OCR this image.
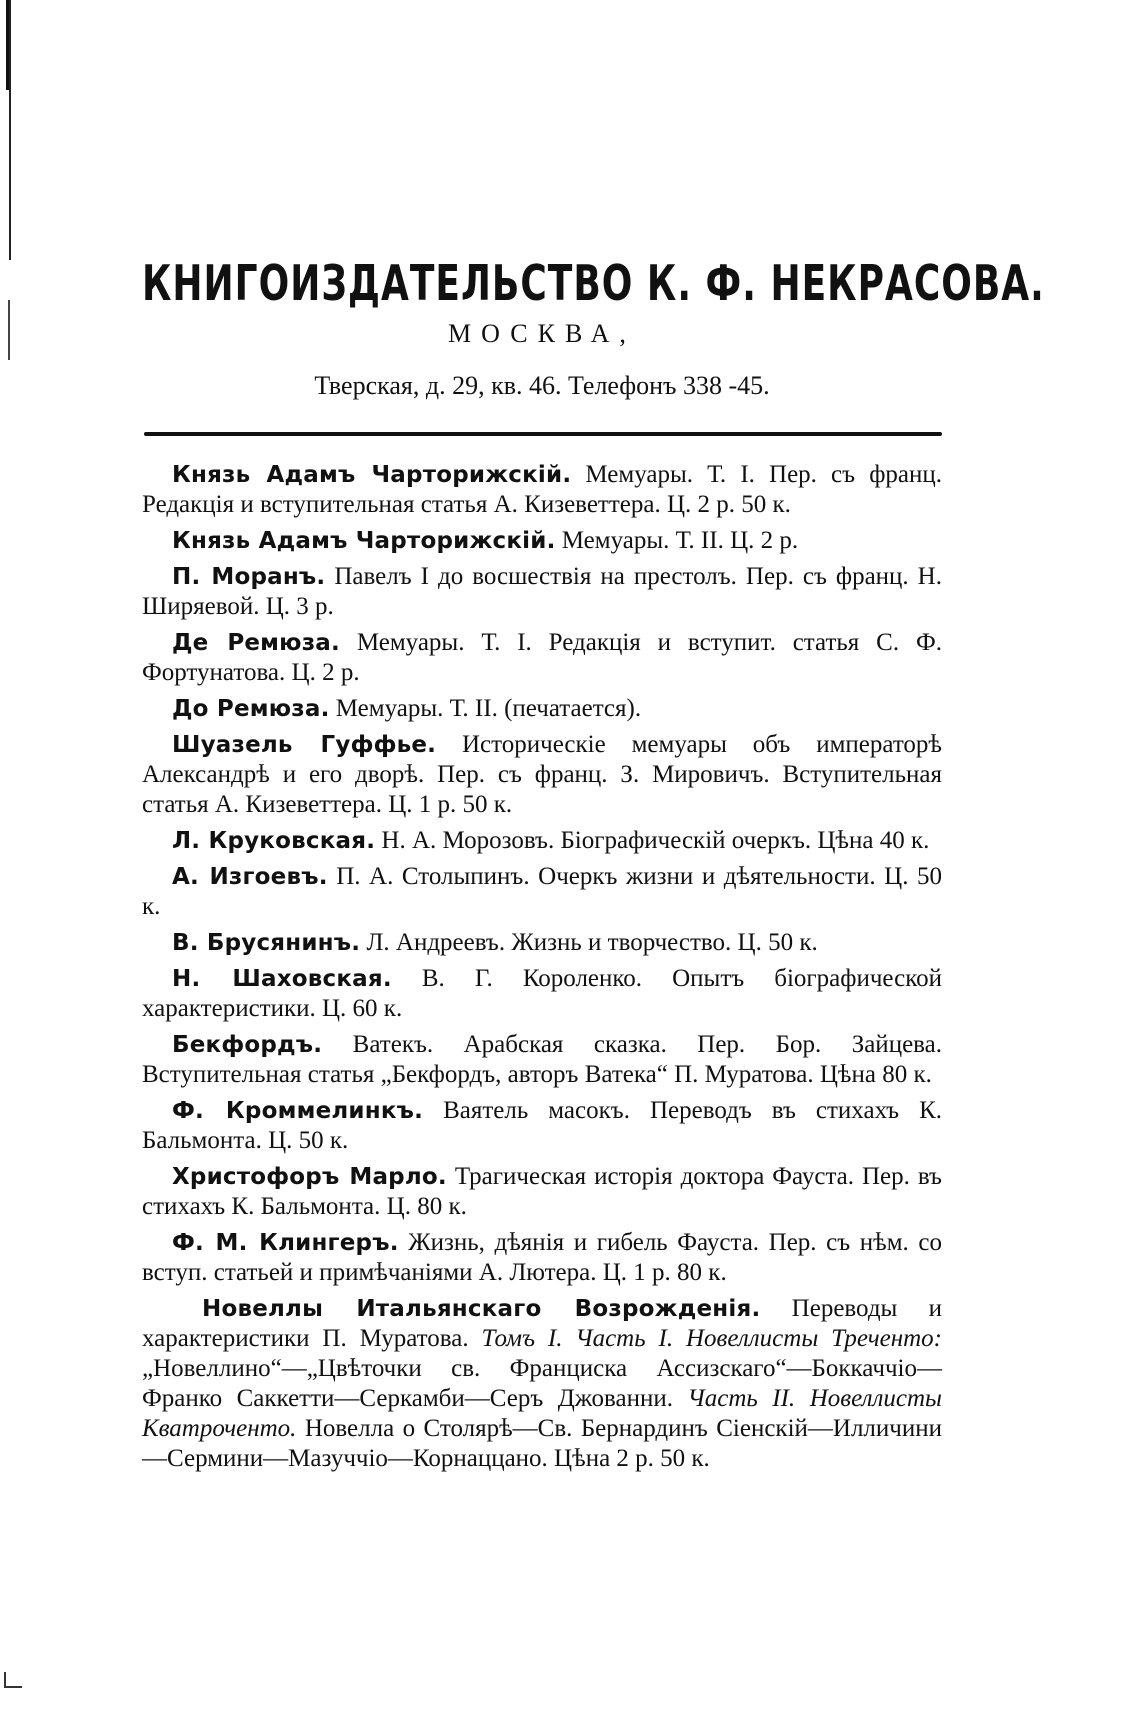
КНИГОИЗДАТЕЛЬСТВО К. Ф. НЕКРАСОВА.
МОСКВА,
Тверская, д. 29, кв. 46. Телефонъ 338 -45.

Князь Адамъ Чарторижскій. Мемуары. Т. I. Пер. съ франц. Редакція и вступительная статья А. Кизеветтера. Ц. 2 р. 50 к.

Князь Адамъ Чарторижскій. Мемуары. Т. II. Ц. 2 р.

П. Моранъ. Павелъ I до восшествія на престолъ. Пер. съ франц. Н. Ширяевой. Ц. 3 р.

Де Ремюза. Мемуары. Т. I. Редакція и вступит. статья С. Ф. Фортунатова. Ц. 2 р.

До Ремюза. Мемуары. Т. II. (печатается).

Шуазель Гуффье. Историческіе мемуары объ императорѣ Александрѣ и его дворѣ. Пер. съ франц. З. Мировичъ. Вступительная статья А. Кизеветтера. Ц. 1 р. 50 к.

Л. Круковская. Н. А. Морозовъ. Біографическій очеркъ. Цѣна 40 к.

А. Изгоевъ. П. А. Столыпинъ. Очеркъ жизни и дѣятельности. Ц. 50 к.

В. Брусянинъ. Л. Андреевъ. Жизнь и творчество. Ц. 50 к.

Н. Шаховская. В. Г. Короленко. Опытъ біографической характеристики. Ц. 60 к.

Бекфордъ. Ватекъ. Арабская сказка. Пер. Бор. Зайцева. Вступительная статья „Бекфордъ, авторъ Ватека“ П. Муратова. Цѣна 80 к.

Ф. Кроммелинкъ. Ваятель масокъ. Переводъ въ стихахъ К. Бальмонта. Ц. 50 к.

Христофоръ Марло. Трагическая исторія доктора Фауста. Пер. въ стихахъ К. Бальмонта. Ц. 80 к.

Ф. М. Клингеръ. Жизнь, дѣянія и гибель Фауста. Пер. съ нѣм. со вступ. статьей и примѣчаніями А. Лютера. Ц. 1 р. 80 к.

Новеллы Итальянскаго Возрожденія. Переводы и характеристики П. Муратова. Томъ I. Часть I. Новеллисты Треченто: „Новеллино“—„Цвѣточки св. Франциска Ассизскаго“—Боккаччіо—Франко Саккетти—Серкамби—Серъ Джованни. Часть II. Новеллисты Кватроченто. Новелла о Столярѣ—Св. Бернардинъ Сіенскій—Илличини—Сермини—Мазуччіо—Корнаццано. Цѣна 2 р. 50 к.
